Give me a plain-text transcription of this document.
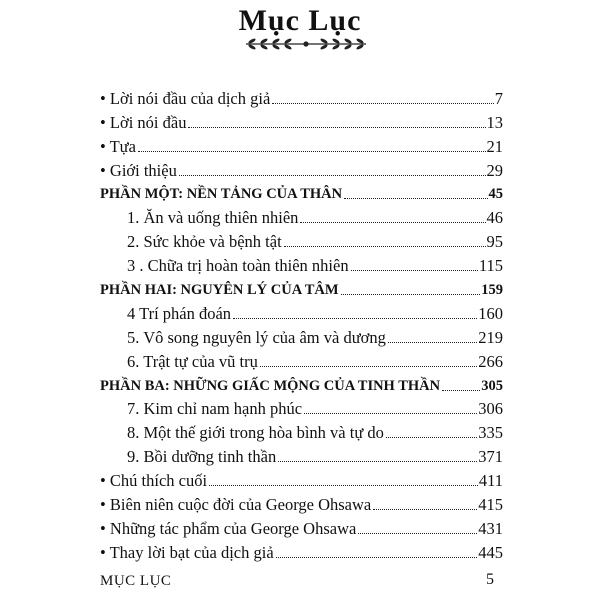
Mục Lục
• Lời nói đầu của dịch giả	7
• Lời nói đầu	13
• Tựa	21
• Giới thiệu	29
PHẦN MỘT: NỀN TẢNG CỦA THÂN	45
1. Ăn và uống thiên nhiên	46
2. Sức khỏe và bệnh tật	95
3 . Chữa trị hoàn toàn thiên nhiên	115
PHẦN HAI: NGUYÊN LÝ CỦA TÂM	159
4 Trí phán đoán	160
5. Vô song nguyên lý của âm và dương	219
6. Trật tự của vũ trụ	266
PHẦN BA: NHỮNG GIẤC MỘNG CỦA TINH THẦN	305
7. Kim chỉ nam hạnh phúc	306
8. Một thế giới trong hòa bình và tự do	335
9. Bồi dưỡng tinh thần	371
• Chú thích cuối	411
• Biên niên cuộc đời của George Ohsawa	415
• Những tác phẩm của George Ohsawa	431
• Thay lời bạt của dịch giả	445
MỤC LỤC	5
